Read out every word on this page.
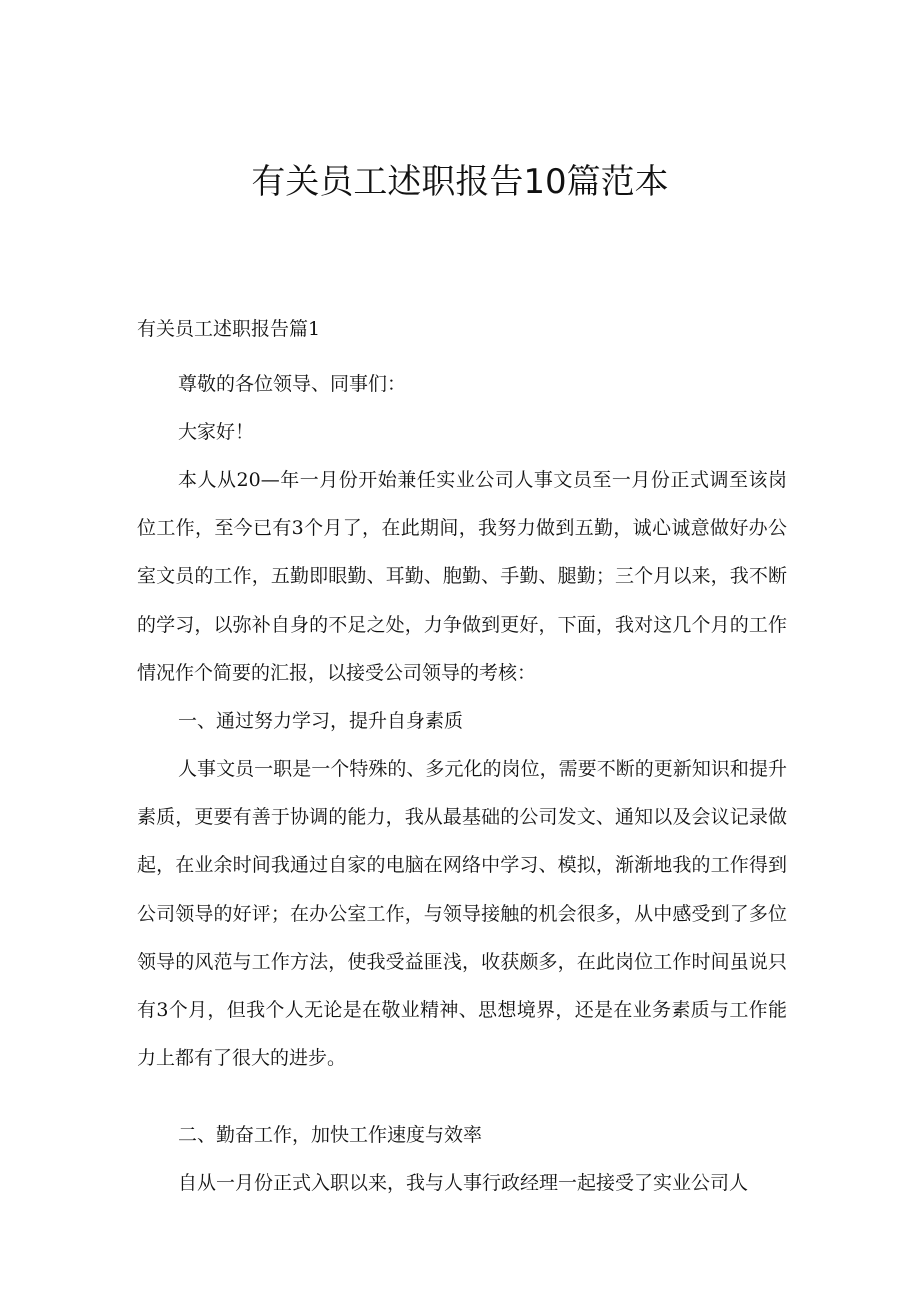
有关员工述职报告10篇范本
有关员工述职报告篇1

尊敬的各位领导、同事们：

大家好！

本人从20—年一月份开始兼任实业公司人事文员至一月份正式调至该岗位工作，至今已有3个月了，在此期间，我努力做到五勤，诚心诚意做好办公室文员的工作，五勤即眼勤、耳勤、胞勤、手勤、腿勤；三个月以来，我不断的学习，以弥补自身的不足之处，力争做到更好，下面，我对这几个月的工作情况作个简要的汇报，以接受公司领导的考核：

一、通过努力学习，提升自身素质

人事文员一职是一个特殊的、多元化的岗位，需要不断的更新知识和提升素质，更要有善于协调的能力，我从最基础的公司发文、通知以及会议记录做起，在业余时间我通过自家的电脑在网络中学习、模拟，渐渐地我的工作得到公司领导的好评；在办公室工作，与领导接触的机会很多，从中感受到了多位领导的风范与工作方法，使我受益匪浅，收获颇多，在此岗位工作时间虽说只有3个月，但我个人无论是在敬业精神、思想境界，还是在业务素质与工作能力上都有了很大的进步。

二、勤奋工作，加快工作速度与效率

自从一月份正式入职以来，我与人事行政经理一起接受了实业公司人
